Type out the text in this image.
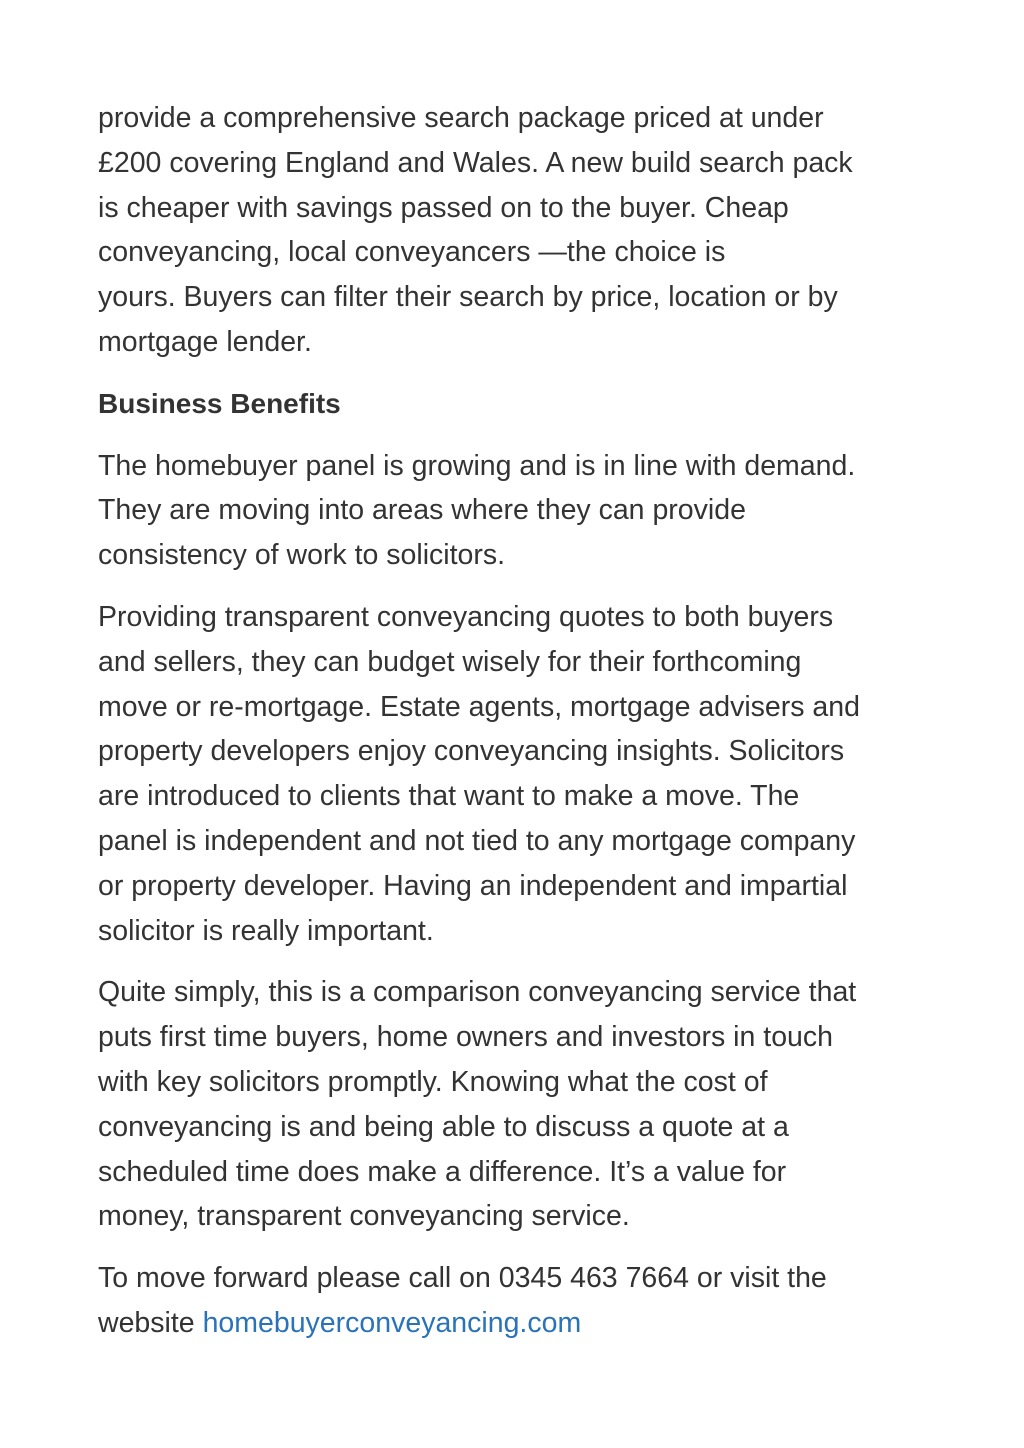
provide a comprehensive search package priced at under
£200 covering England and Wales. A new build search pack
is cheaper with savings passed on to the buyer. Cheap
conveyancing, local conveyancers —the choice is
yours. Buyers can filter their search by price, location or by
mortgage lender.

Business Benefits

The homebuyer panel is growing and is in line with demand.
They are moving into areas where they can provide
consistency of work to solicitors.

Providing transparent conveyancing quotes to both buyers
and sellers, they can budget wisely for their forthcoming
move or re-mortgage. Estate agents, mortgage advisers and
property developers enjoy conveyancing insights. Solicitors
are introduced to clients that want to make a move. The
panel is independent and not tied to any mortgage company
or property developer. Having an independent and impartial
solicitor is really important.

Quite simply, this is a comparison conveyancing service that
puts first time buyers, home owners and investors in touch
with key solicitors promptly. Knowing what the cost of
conveyancing is and being able to discuss a quote at a
scheduled time does make a difference. It’s a value for
money, transparent conveyancing service.

To move forward please call on 0345 463 7664 or visit the
website homebuyerconveyancing.com
